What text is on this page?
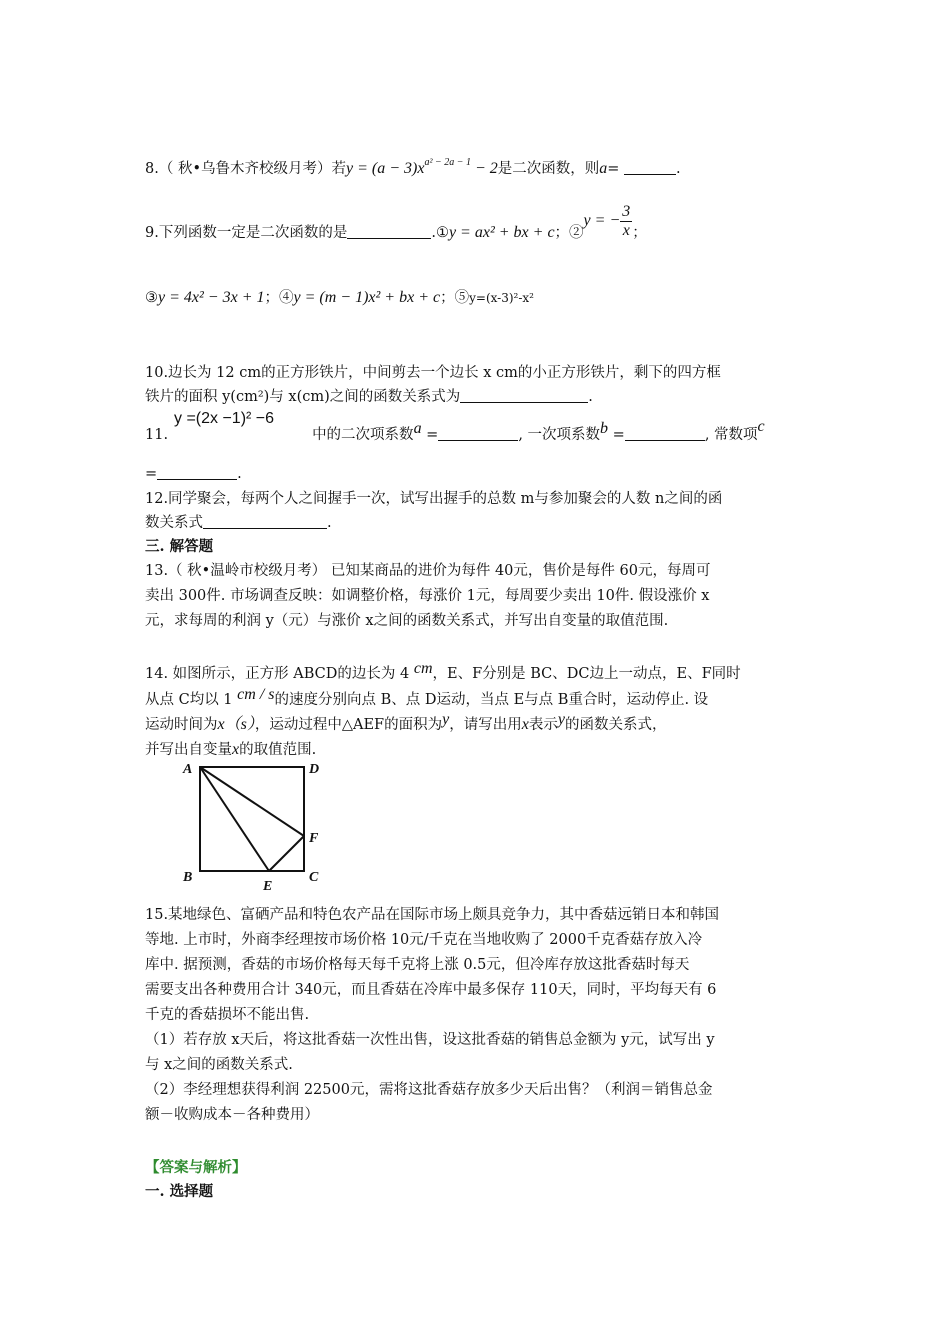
8.（ 秋•乌鲁木齐校级月考）若$y = (a - 3)x^{a^2 - 2a - 1} - 2$是二次函数，则a=	.
9.下列函数一定是二次函数的是	.①y = ax² + bx + c；②y = − $\frac{3}{x}$ ；
③y = 4x² − 3x + 1；④y = (m − 1)x² + bx + c；⑤y=(x-3)²-x²
10.边长为 12 cm的正方形铁片，中间剪去一个边长 x cm的小正方形铁片，剩下的四方框
铁片的面积 y(cm²)与 x(cm)之间的函数关系式为	.
y =(2x −1)² −6
11.	中的二次项系数a =	, 一次项系数b =	, 常数项c
=	.
12.同学聚会，每两个人之间握手一次，试写出握手的总数 m与参加聚会的人数 n之间的函
数关系式	.
三. 解答题
13.（ 秋•温岭市校级月考） 已知某商品的进价为每件 40元，售价是每件 60元，每周可
卖出 300件. 市场调查反映：如调整价格，每涨价 1元，每周要少卖出 10件. 假设涨价 x
元，求每周的利润 y（元）与涨价 x之间的函数关系式，并写出自变量的取值范围.
14. 如图所示，正方形 ABCD的边长为 4 cm，E、F分别是 BC、DC边上一动点，E、F同时
从点 C均以 1 cm / s的速度分别向点 B、点 D运动，当点 E与点 B重合时，运动停止. 设
运动时间为x（s），运动过程中△AEF的面积为y，请写出用x表示y的函数关系式，
并写出自变量x的取值范围.
A	D
B	C
E
F
15.某地绿色、富硒产品和特色农产品在国际市场上颇具竞争力，其中香菇远销日本和韩国
等地. 上市时，外商李经理按市场价格 10元/千克在当地收购了 2000千克香菇存放入冷
库中. 据预测，香菇的市场价格每天每千克将上涨 0.5元，但冷库存放这批香菇时每天
需要支出各种费用合计 340元，而且香菇在冷库中最多保存 110天，同时，平均每天有 6
千克的香菇损坏不能出售.
（1）若存放 x天后，将这批香菇一次性出售，设这批香菇的销售总金额为 y元，试写出 y
与 x之间的函数关系式.
（2）李经理想获得利润 22500元，需将这批香菇存放多少天后出售？（利润＝销售总金
额－收购成本－各种费用）
【答案与解析】
一. 选择题
